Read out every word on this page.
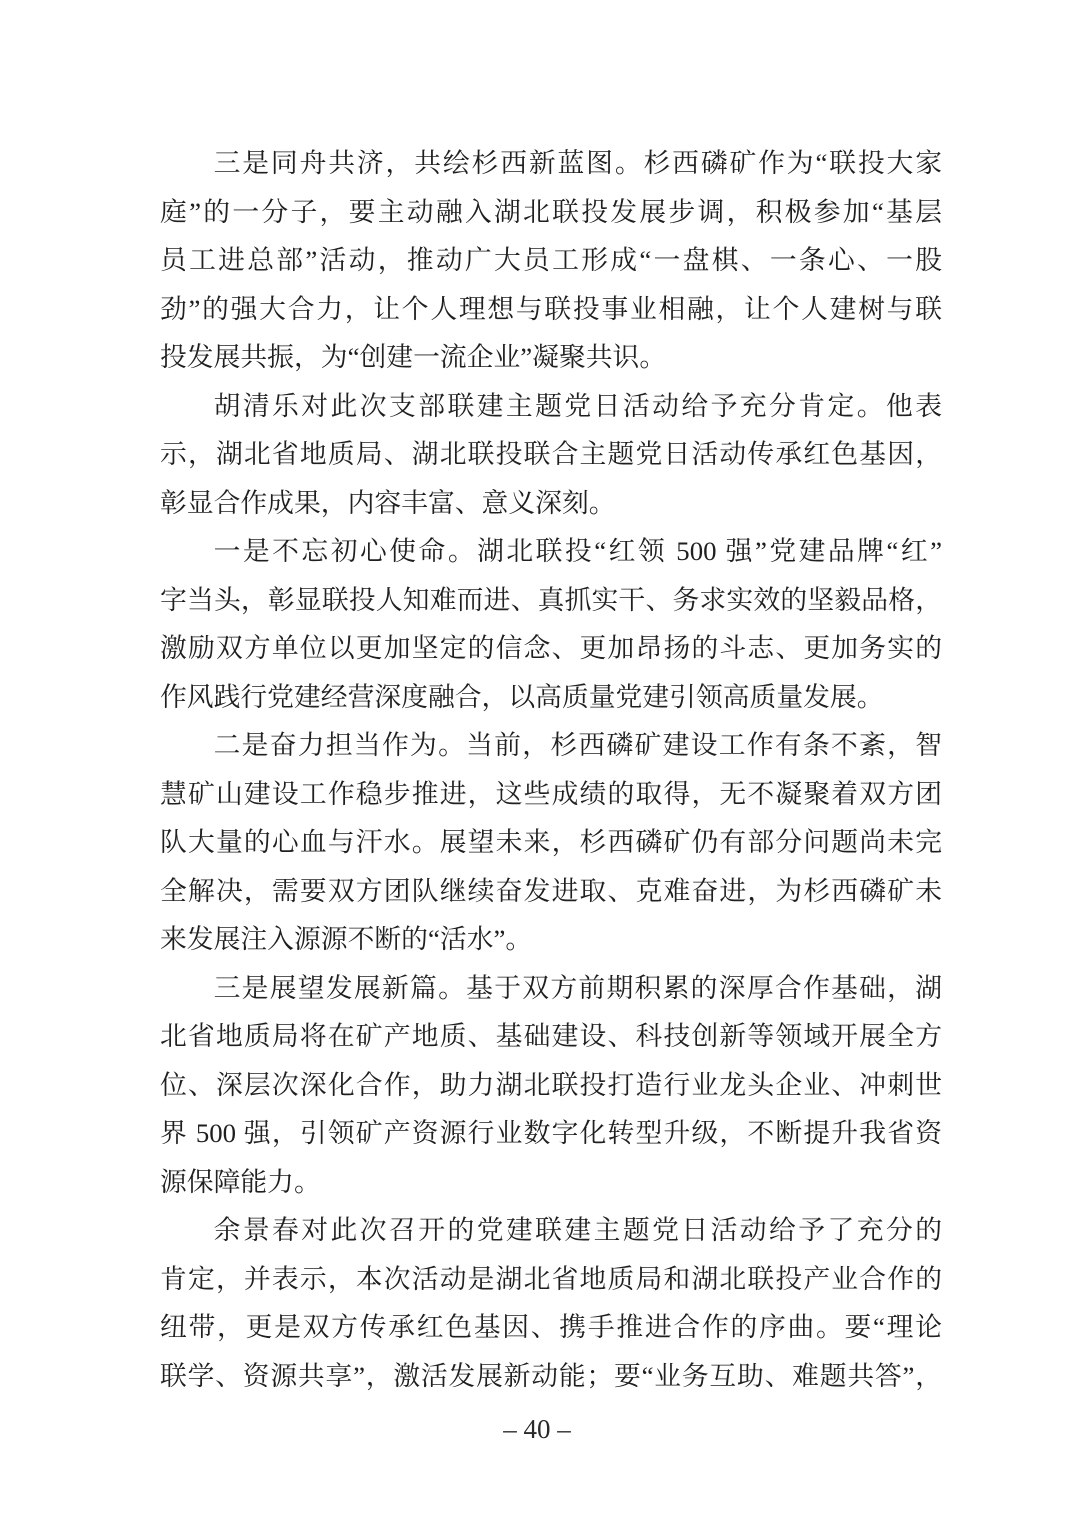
三是同舟共济，共绘杉西新蓝图。杉西磷矿作为“联投大家
庭”的一分子，要主动融入湖北联投发展步调，积极参加“基层
员工进总部”活动，推动广大员工形成“一盘棋、一条心、一股
劲”的强大合力，让个人理想与联投事业相融，让个人建树与联
投发展共振，为“创建一流企业”凝聚共识。
胡清乐对此次支部联建主题党日活动给予充分肯定。他表
示，湖北省地质局、湖北联投联合主题党日活动传承红色基因，
彰显合作成果，内容丰富、意义深刻。
一是不忘初心使命。湖北联投“红领 500 强”党建品牌“红”
字当头，彰显联投人知难而进、真抓实干、务求实效的坚毅品格，
激励双方单位以更加坚定的信念、更加昂扬的斗志、更加务实的
作风践行党建经营深度融合，以高质量党建引领高质量发展。
二是奋力担当作为。当前，杉西磷矿建设工作有条不紊，智
慧矿山建设工作稳步推进，这些成绩的取得，无不凝聚着双方团
队大量的心血与汗水。展望未来，杉西磷矿仍有部分问题尚未完
全解决，需要双方团队继续奋发进取、克难奋进，为杉西磷矿未
来发展注入源源不断的“活水”。
三是展望发展新篇。基于双方前期积累的深厚合作基础，湖
北省地质局将在矿产地质、基础建设、科技创新等领域开展全方
位、深层次深化合作，助力湖北联投打造行业龙头企业、冲刺世
界 500 强，引领矿产资源行业数字化转型升级，不断提升我省资
源保障能力。
余景春对此次召开的党建联建主题党日活动给予了充分的
肯定，并表示，本次活动是湖北省地质局和湖北联投产业合作的
纽带，更是双方传承红色基因、携手推进合作的序曲。要“理论
联学、资源共享”，激活发展新动能；要“业务互助、难题共答”，
– 40 –
